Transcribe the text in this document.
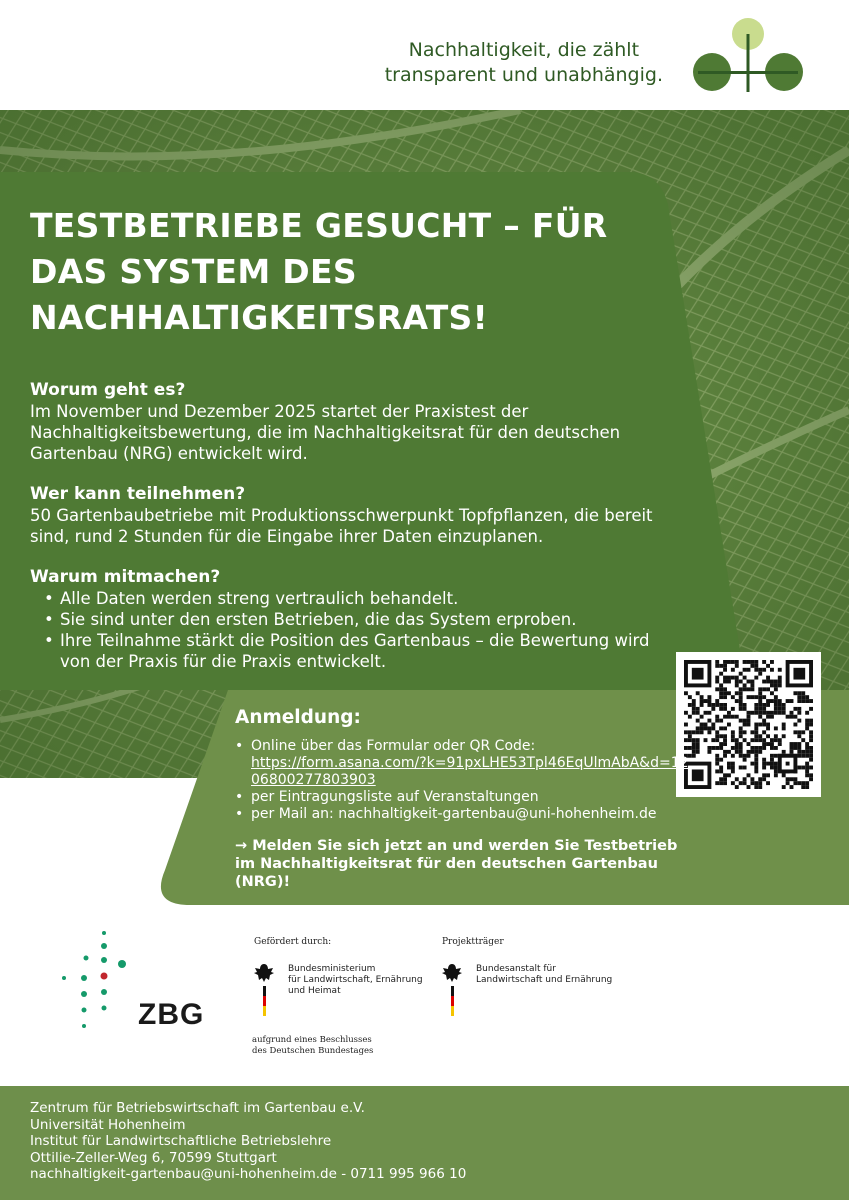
Nachhaltigkeit, die zählt
transparent und unabhängig.
TESTBETRIEBE GESUCHT – FÜR
DAS SYSTEM DES
NACHHALTIGKEITSRATS!
Worum geht es?

Im November und Dezember 2025 startet der Praxistest der Nachhaltigkeitsbewertung, die im Nachhaltigkeitsrat für den deutschen Gartenbau (NRG) entwickelt wird.

Wer kann teilnehmen?

50 Gartenbaubetriebe mit Produktionsschwerpunkt Topfpflanzen, die bereit sind, rund 2 Stunden für die Eingabe ihrer Daten einzuplanen.

Warum mitmachen?
• Alle Daten werden streng vertraulich behandelt.
• Sie sind unter den ersten Betrieben, die das System erproben.
• Ihre Teilnahme stärkt die Position des Gartenbaus – die Bewertung wird von der Praxis für die Praxis entwickelt.
Anmeldung:
• Online über das Formular oder QR Code:
https://form.asana.com/?k=91pxLHE53Tpl46EqUlmAbA&d=1206800277803903
• per Eintragungsliste auf Veranstaltungen
• per Mail an: nachhaltigkeit-gartenbau@uni-hohenheim.de

→ Melden Sie sich jetzt an und werden Sie Testbetrieb im Nachhaltigkeitsrat für den deutschen Gartenbau (NRG)!

ZBG
Gefördert durch:
Bundesministerium
für Landwirtschaft, Ernährung
und Heimat
Projektträger
Bundesanstalt für
Landwirtschaft und Ernährung
aufgrund eines Beschlusses
des Deutschen Bundestages
Zentrum für Betriebswirtschaft im Gartenbau e.V.
Universität Hohenheim
Institut für Landwirtschaftliche Betriebslehre
Ottilie-Zeller-Weg 6, 70599 Stuttgart
nachhaltigkeit-gartenbau@uni-hohenheim.de - 0711 995 966 10
